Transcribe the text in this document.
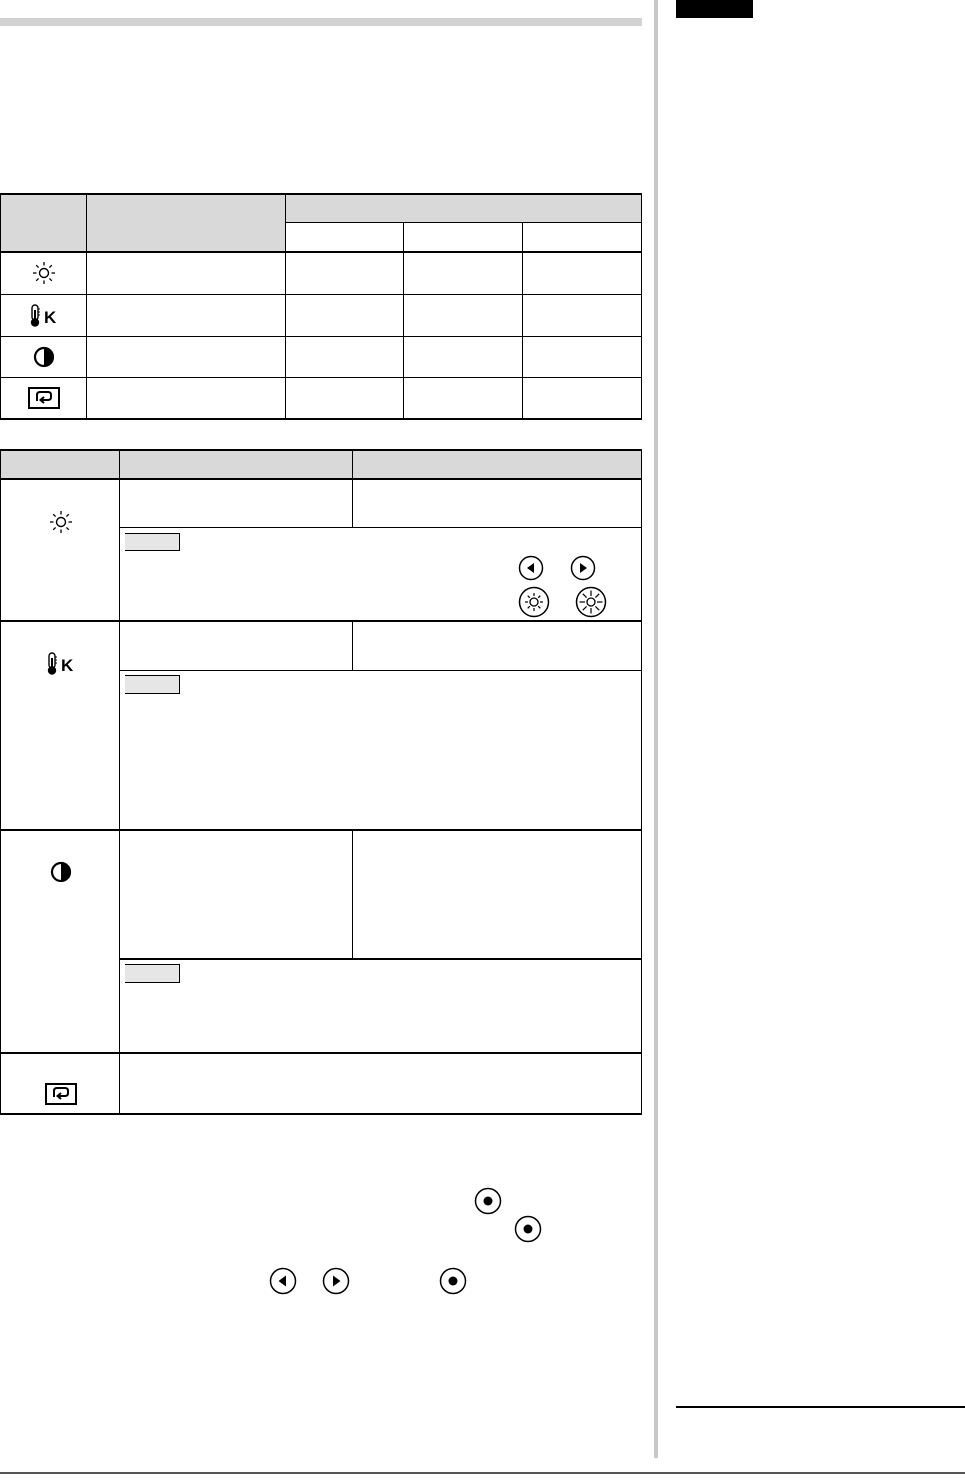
K
K
